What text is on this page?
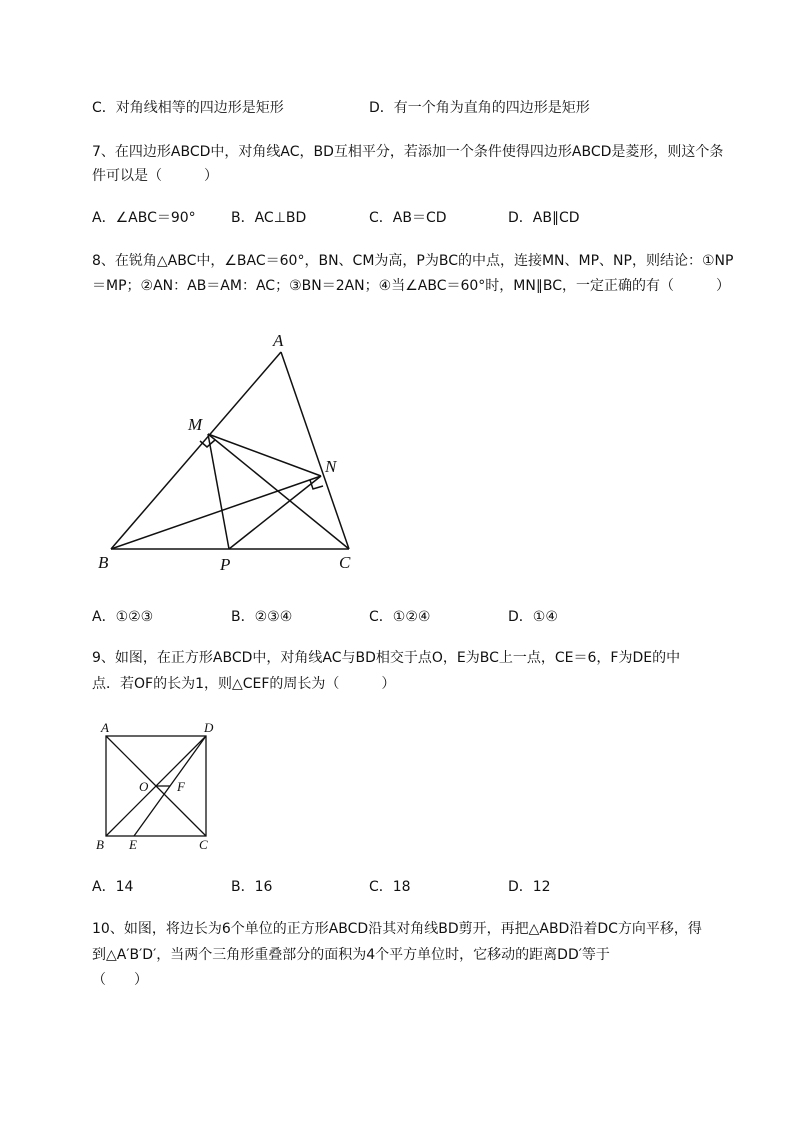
C．对角线相等的四边形是矩形	D．有一个角为直角的四边形是矩形
7、在四边形ABCD中，对角线AC，BD互相平分，若添加一个条件使得四边形ABCD是菱形，则这个条
件可以是（　　　）
A．∠ABC＝90°	B．AC⊥BD	C．AB＝CD	D．AB∥CD
8、在锐角△ABC中，∠BAC＝60°，BN、CM为高，P为BC的中点，连接MN、MP、NP，则结论：①NP
＝MP；②AN：AB＝AM：AC；③BN＝2AN；④当∠ABC＝60°时，MN∥BC，一定正确的有（　　　）
A
M
N
B	P	C
A．①②③	B．②③④	C．①②④	D．①④
9、如图，在正方形ABCD中，对角线AC与BD相交于点O，E为BC上一点，CE＝6，F为DE的中
点．若OF的长为1，则△CEF的周长为（　　　）
A	D
O F
B E	C
A．14	B．16	C．18	D．12
10、如图，将边长为6个单位的正方形ABCD沿其对角线BD剪开，再把△ABD沿着DC方向平移，得
到△A′B′D′，当两个三角形重叠部分的面积为4个平方单位时，它移动的距离DD′等于
（　　）
